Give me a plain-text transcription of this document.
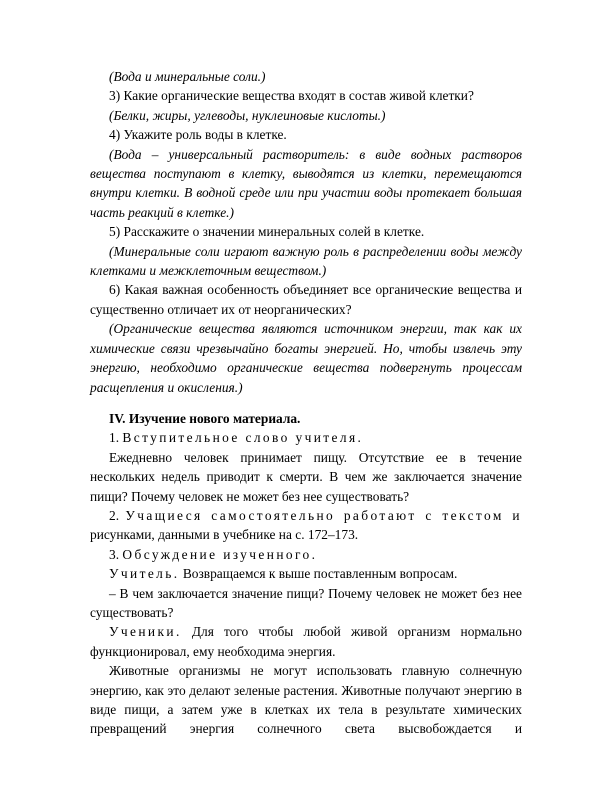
(Вода и минеральные соли.)

3) Какие органические вещества входят в состав живой клетки?

(Белки, жиры, углеводы, нуклеиновые кислоты.)

4) Укажите роль воды в клетке.

(Вода – универсальный растворитель: в виде водных растворов вещества поступают в клетку, выводятся из клетки, перемещаются внутри клетки. В водной среде или при участии воды протекает большая часть реакций в клетке.)

5) Расскажите о значении минеральных солей в клетке.

(Минеральные соли играют важную роль в распределении воды между клетками и межклеточным веществом.)

6) Какая важная особенность объединяет все органические вещества и существенно отличает их от неорганических?

(Органические вещества являются источником энергии, так как их химические связи чрезвычайно богаты энергией. Но, чтобы извлечь эту энергию, необходимо органические вещества подвергнуть процессам расщепления и окисления.)

IV. Изучение нового материала.

1. Вступительное слово учителя.

Ежедневно человек принимает пищу. Отсутствие ее в течение нескольких недель приводит к смерти. В чем же заключается значение пищи? Почему человек не может без нее существовать?

2. Учащиеся самостоятельно работают с текстом и

рисунками, данными в учебнике на с. 172–173.

3. Обсуждение изученного.

Учитель. Возвращаемся к выше поставленным вопросам.

– В чем заключается значение пищи? Почему человек не может без нее существовать?

Ученики. Для того чтобы любой живой организм нормально функционировал, ему необходима энергия.

Животные организмы не могут использовать главную солнечную энергию, как это делают зеленые растения. Животные получают энергию в виде пищи, а затем уже в клетках их тела в результате химических превращений энергия солнечного света высвобождается и
